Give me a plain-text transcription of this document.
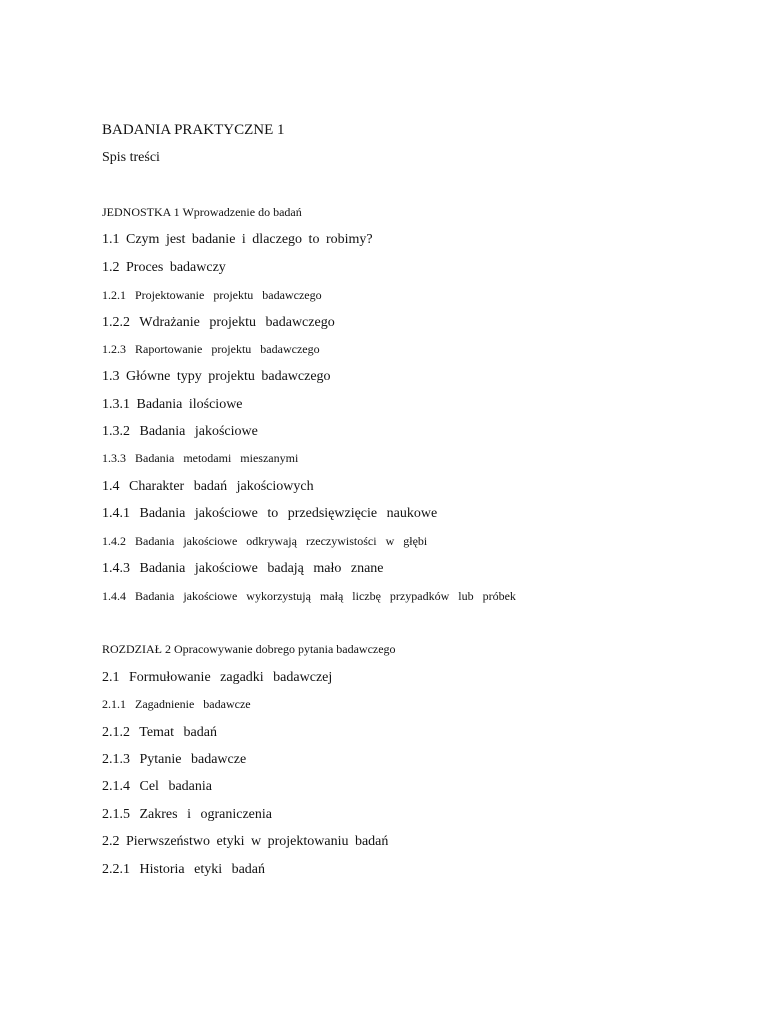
BADANIA PRAKTYCZNE 1
Spis treści
JEDNOSTKA 1 Wprowadzenie do badań
1.1 Czym jest badanie i dlaczego to robimy?
1.2 Proces badawczy
1.2.1 Projektowanie projektu badawczego
1.2.2 Wdrażanie projektu badawczego
1.2.3 Raportowanie projektu badawczego
1.3 Główne typy projektu badawczego
1.3.1 Badania ilościowe
1.3.2 Badania jakościowe
1.3.3 Badania metodami mieszanymi
1.4 Charakter badań jakościowych
1.4.1 Badania jakościowe to przedsięwzięcie naukowe
1.4.2 Badania jakościowe odkrywają rzeczywistości w głębi
1.4.3 Badania jakościowe badają mało znane
1.4.4 Badania jakościowe wykorzystują małą liczbę przypadków lub próbek
ROZDZIAŁ 2 Opracowywanie dobrego pytania badawczego
2.1 Formułowanie zagadki badawczej
2.1.1 Zagadnienie badawcze
2.1.2 Temat badań
2.1.3 Pytanie badawcze
2.1.4 Cel badania
2.1.5 Zakres i ograniczenia
2.2 Pierwszeństwo etyki w projektowaniu badań
2.2.1 Historia etyki badań
